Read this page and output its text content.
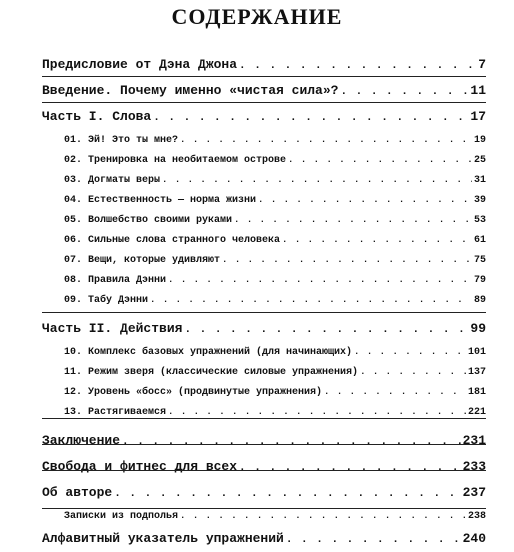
СОДЕРЖАНИЕ
Предисловие от Дэна Джона . . .	7
Введение. Почему именно «чистая сила»? . . .	11
Часть I. Слова . . .	17
01. Эй! Это ты мне? . . .	19
02. Тренировка на необитаемом острове . . .	25
03. Догматы веры . . .	31
04. Естественность — норма жизни . . .	39
05. Волшебство своими руками . . .	53
06. Сильные слова странного человека . . .	61
07. Вещи, которые удивляют . . .	75
08. Правила Дэнни . . .	79
09. Табу Дэнни . . .	89
Часть II. Действия . . .	99
10. Комплекс базовых упражнений (для начинающих) . . .	101
11. Режим зверя (классические силовые упражнения) . . .	137
12. Уровень «босс» (продвинутые упражнения) . . .	181
13. Растягиваемся . . .	221
Заключение . . .	231
Свобода и фитнес для всех . . .	233
Об авторе . . .	237
Записки из подполья . . .	238
Алфавитный указатель упражнений . . .	240
